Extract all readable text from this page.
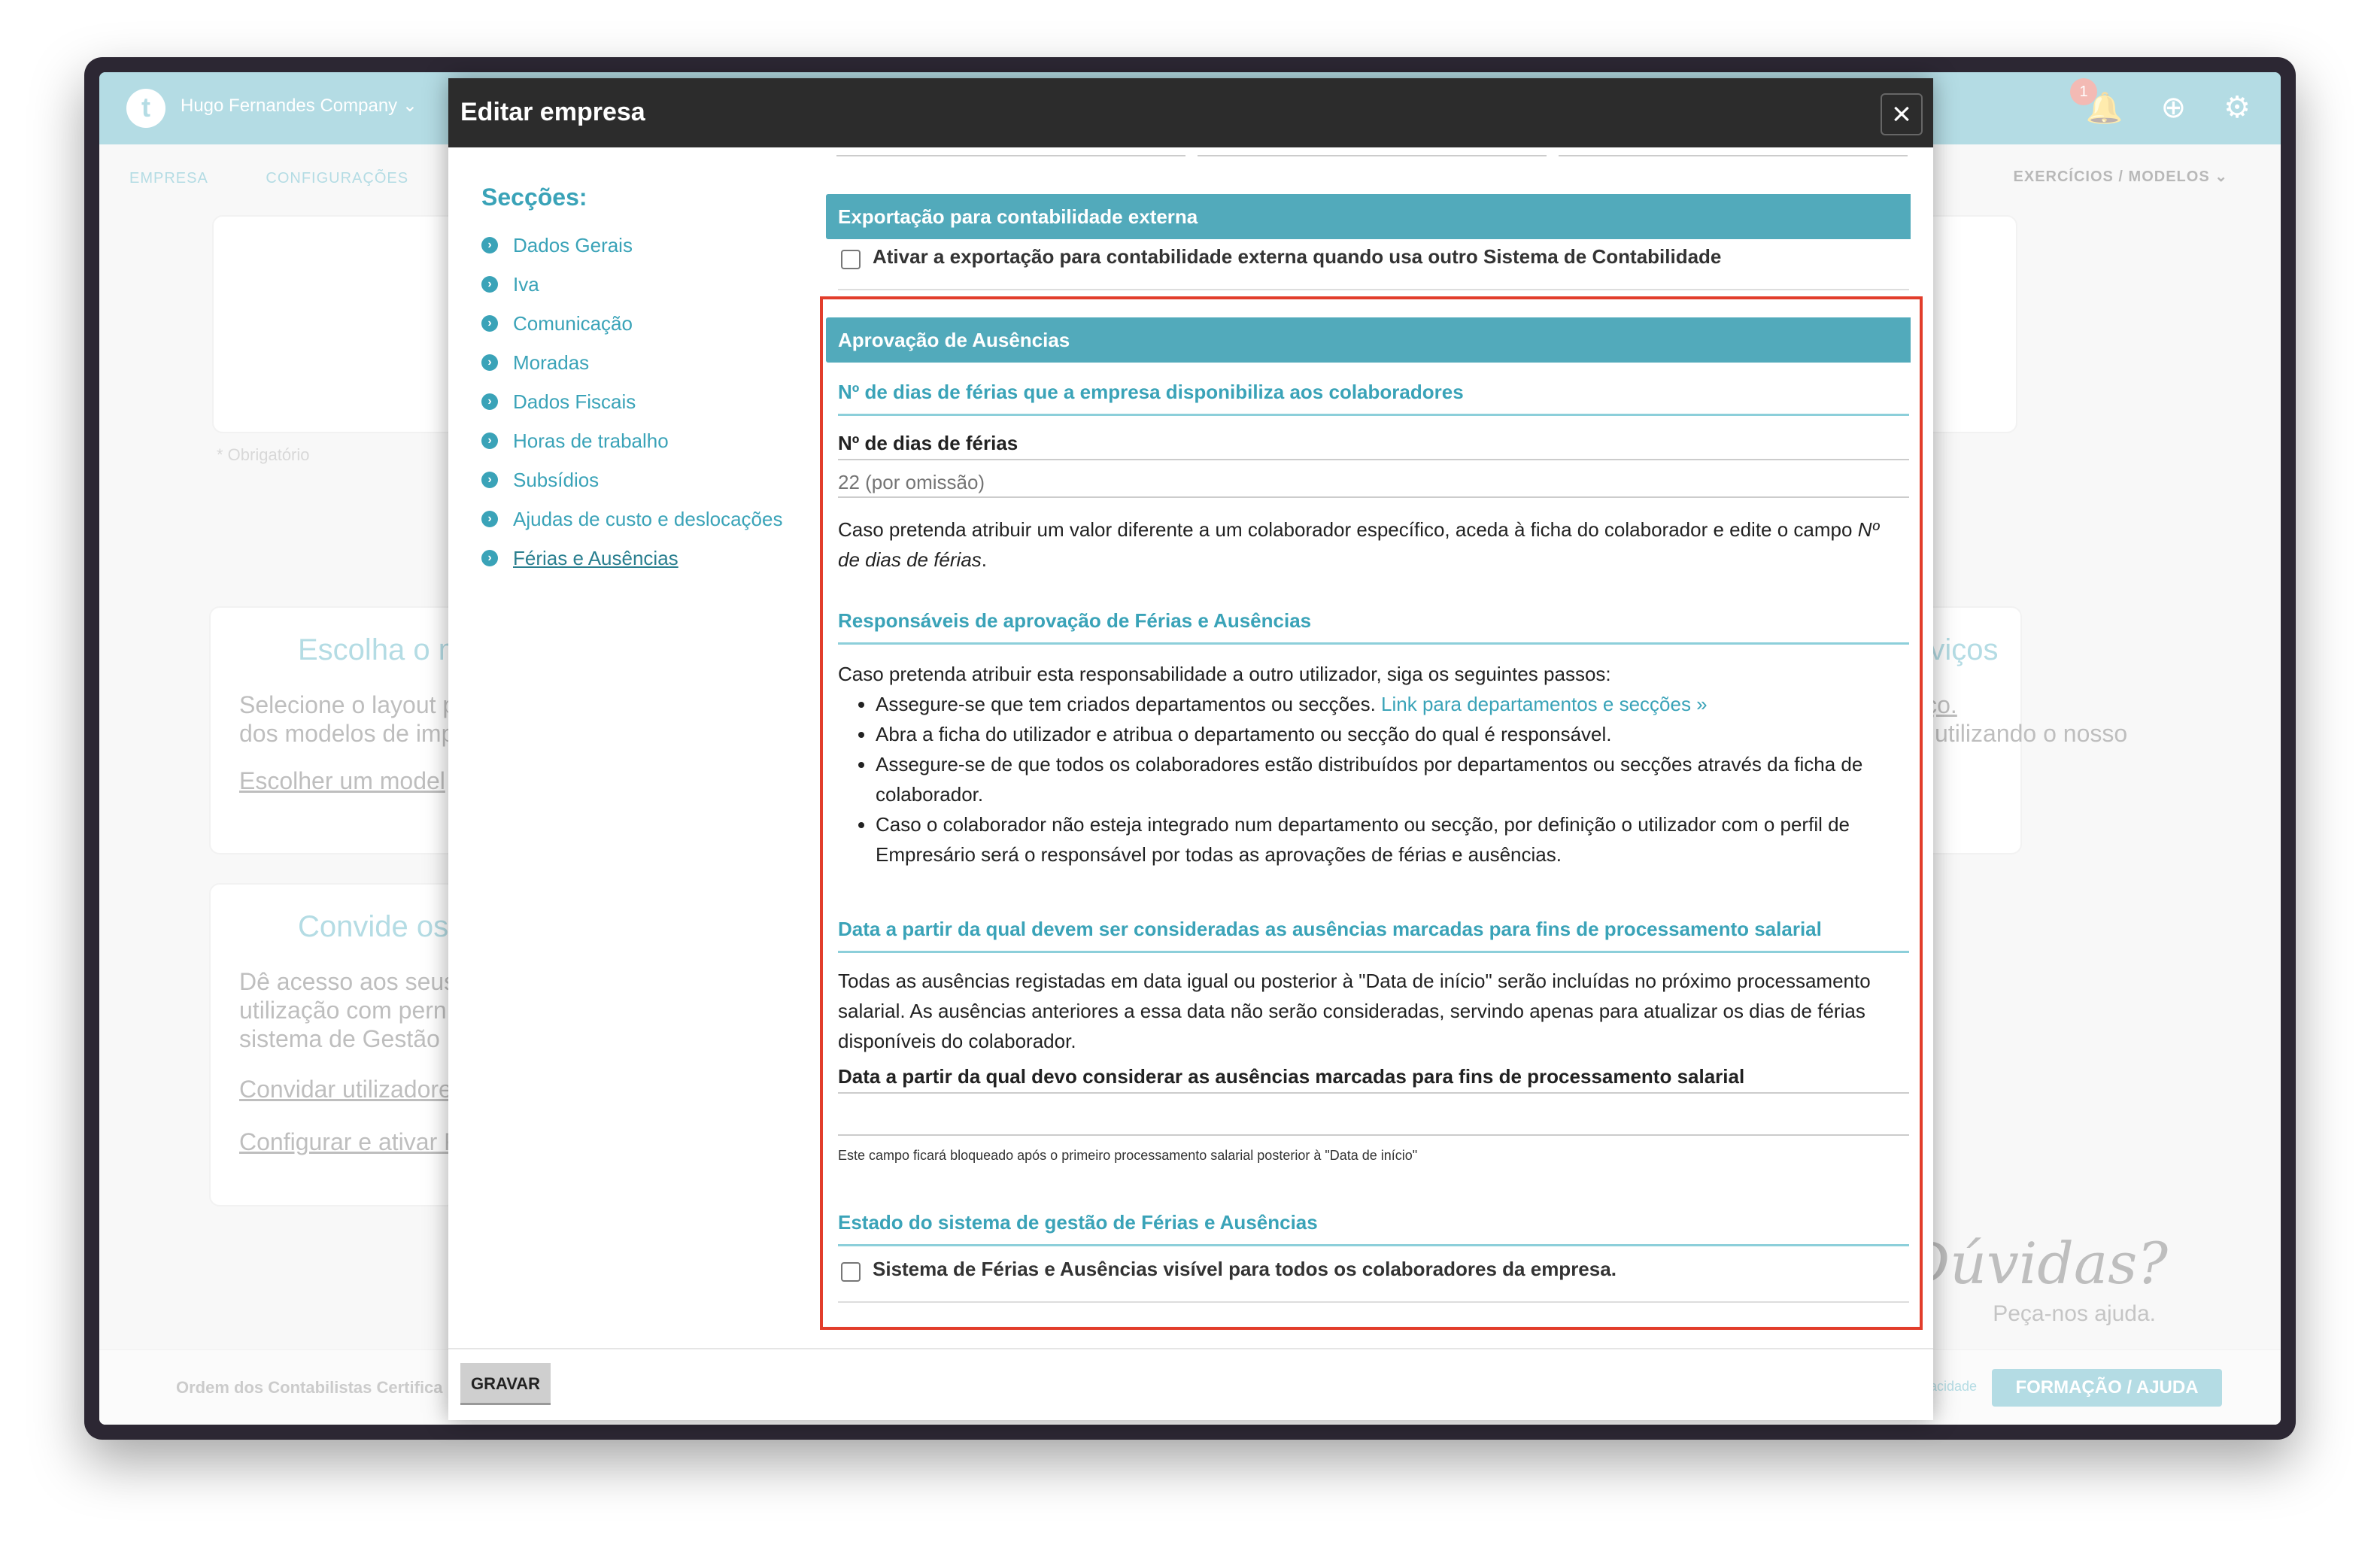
Editar empresa	×
Secções:
›	Dados Gerais
›	Iva
›	Comunicação
›	Moradas
›	Dados Fiscais
›	Horas de trabalho
›	Subsídios
›	Ajudas de custo e deslocações
›	Férias e Ausências
Exportação para contabilidade externa
Ativar a exportação para contabilidade externa quando usa outro Sistema de Contabilidade
Aprovação de Ausências
Nº de dias de férias que a empresa disponibiliza aos colaboradores
Nº de dias de férias
22 (por omissão)
Caso pretenda atribuir um valor diferente a um colaborador específico, aceda à ficha do colaborador e edite o campo Nº de dias de férias.
Responsáveis de aprovação de Férias e Ausências
Caso pretenda atribuir esta responsabilidade a outro utilizador, siga os seguintes passos:
• Assegure-se que tem criados departamentos ou secções. Link para departamentos e secções »
• Abra a ficha do utilizador e atribua o departamento ou secção do qual é responsável.
• Assegure-se de que todos os colaboradores estão distribuídos por departamentos ou secções através da ficha de colaborador.
• Caso o colaborador não esteja integrado num departamento ou secção, por definição o utilizador com o perfil de Empresário será o responsável por todas as aprovações de férias e ausências.
Data a partir da qual devem ser consideradas as ausências marcadas para fins de processamento salarial
Todas as ausências registadas em data igual ou posterior à "Data de início" serão incluídas no próximo processamento salarial. As ausências anteriores a essa data não serão consideradas, servindo apenas para atualizar os dias de férias disponíveis do colaborador.
Data a partir da qual devo considerar as ausências marcadas para fins de processamento salarial
Este campo ficará bloqueado após o primeiro processamento salarial posterior à "Data de início"
Estado do sistema de gestão de Férias e Ausências
Sistema de Férias e Ausências visível para todos os colaboradores da empresa.
GRAVAR
